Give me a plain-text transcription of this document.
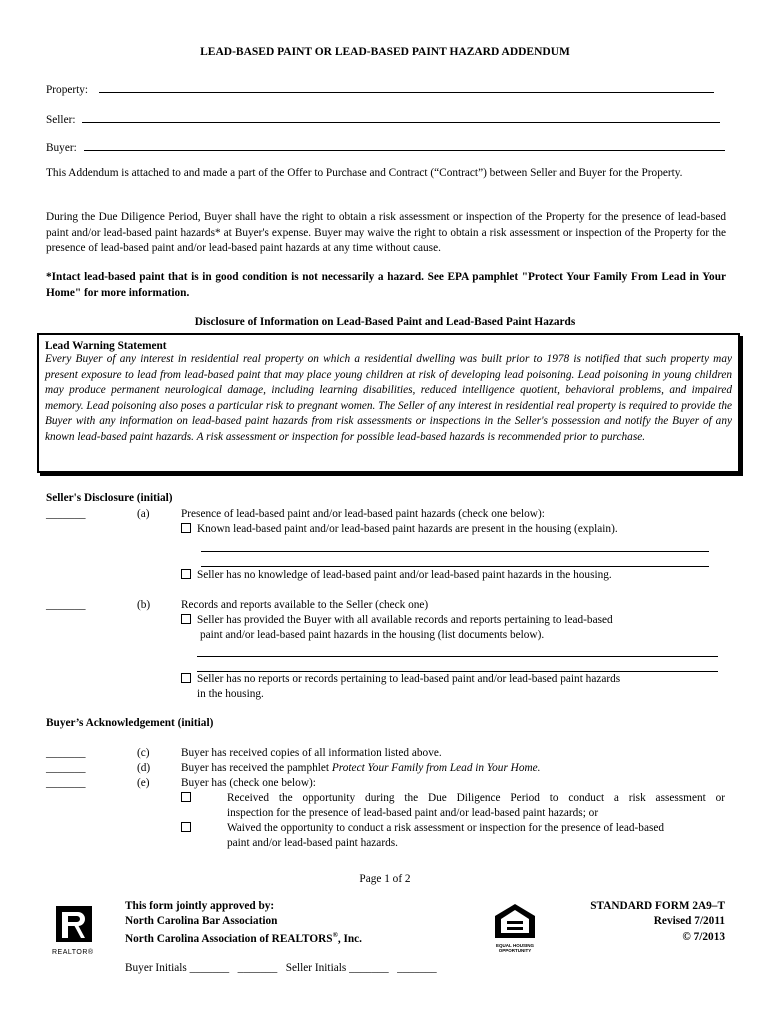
LEAD-BASED PAINT OR LEAD-BASED PAINT HAZARD ADDENDUM
Property:
Seller:
Buyer:
This Addendum is attached to and made a part of the Offer to Purchase and Contract (“Contract”) between Seller and Buyer for the Property.
During the Due Diligence Period, Buyer shall have the right to obtain a risk assessment or inspection of the Property for the presence of lead-based paint and/or lead-based paint hazards* at Buyer's expense. Buyer may waive the right to obtain a risk assessment or inspection of the Property for the presence of lead-based paint and/or lead-based paint hazards at any time without cause.
*Intact lead-based paint that is in good condition is not necessarily a hazard. See EPA pamphlet "Protect Your Family From Lead in Your Home" for more information.
Disclosure of Information on Lead-Based Paint and Lead-Based Paint Hazards
Lead Warning Statement
Every Buyer of any interest in residential real property on which a residential dwelling was built prior to 1978 is notified that such property may present exposure to lead from lead-based paint that may place young children at risk of developing lead poisoning. Lead poisoning in young children may produce permanent neurological damage, including learning disabilities, reduced intelligence quotient, behavioral problems, and impaired memory. Lead poisoning also poses a particular risk to pregnant women. The Seller of any interest in residential real property is required to provide the Buyer with any information on lead-based paint hazards from risk assessments or inspections in the Seller's possession and notify the Buyer of any known lead-based paint hazards. A risk assessment or inspection for possible lead-based hazards is recommended prior to purchase.
Seller's Disclosure (initial)
_______	(a)	Presence of lead-based paint and/or lead-based paint hazards (check one below):
Known lead-based paint and/or lead-based paint hazards are present in the housing (explain).
Seller has no knowledge of lead-based paint and/or lead-based paint hazards in the housing.
_______	(b)	Records and reports available to the Seller (check one)
Seller has provided the Buyer with all available records and reports pertaining to lead-based
paint and/or lead-based paint hazards in the housing (list documents below).
Seller has no reports or records pertaining to lead-based paint and/or lead-based paint hazards
in the housing.
Buyer’s Acknowledgement (initial)
_______	(c)	Buyer has received copies of all information listed above.
_______	(d)	Buyer has received the pamphlet Protect Your Family from Lead in Your Home.
_______	(e)	Buyer has (check one below):
Received the opportunity during the Due Diligence Period to conduct a risk assessment or
inspection for the presence of lead-based paint and/or lead-based paint hazards; or
Waived the opportunity to conduct a risk assessment or inspection for the presence of lead-based
paint and/or lead-based paint hazards.
Page 1 of 2
REALTOR®
This form jointly approved by:
North Carolina Bar Association
North Carolina Association of REALTORS®, Inc.
EQUAL HOUSING
OPPORTUNITY
STANDARD FORM 2A9–T
Revised 7/2011
© 7/2013
Buyer Initials _______ _______ Seller Initials _______ _______
